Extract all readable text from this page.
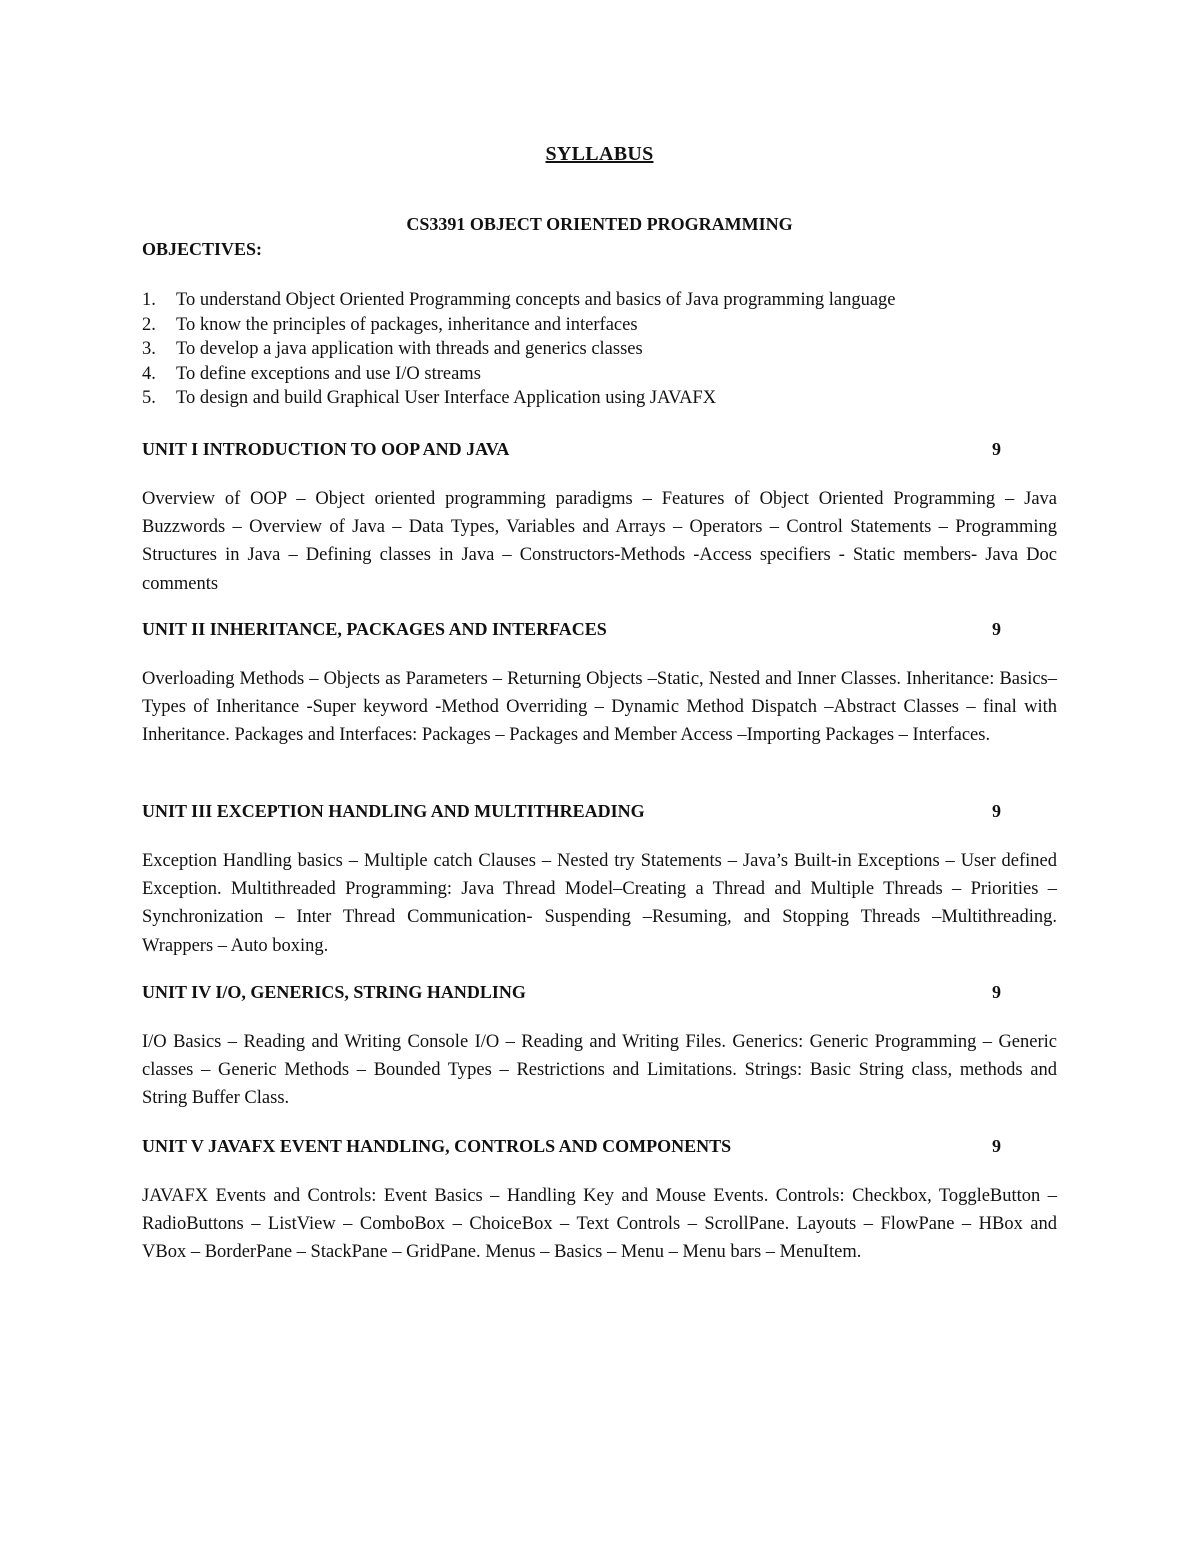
SYLLABUS
CS3391 OBJECT ORIENTED PROGRAMMING
OBJECTIVES:
1. To understand Object Oriented Programming concepts and basics of Java programming language
2. To know the principles of packages, inheritance and interfaces
3. To develop a java application with threads and generics classes
4. To define exceptions and use I/O streams
5. To design and build Graphical User Interface Application using JAVAFX
UNIT I INTRODUCTION TO OOP AND JAVA	9
Overview of OOP – Object oriented programming paradigms – Features of Object Oriented Programming – Java Buzzwords – Overview of Java – Data Types, Variables and Arrays – Operators – Control Statements – Programming Structures in Java – Defining classes in Java – Constructors-Methods -Access specifiers - Static members- Java Doc comments
UNIT II INHERITANCE, PACKAGES AND INTERFACES	9
Overloading Methods – Objects as Parameters – Returning Objects –Static, Nested and Inner Classes. Inheritance: Basics– Types of Inheritance -Super keyword -Method Overriding – Dynamic Method Dispatch –Abstract Classes – final with Inheritance. Packages and Interfaces: Packages – Packages and Member Access –Importing Packages – Interfaces.
UNIT III EXCEPTION HANDLING AND MULTITHREADING	9
Exception Handling basics – Multiple catch Clauses – Nested try Statements – Java’s Built-in Exceptions – User defined Exception. Multithreaded Programming: Java Thread Model–Creating a Thread and Multiple Threads – Priorities – Synchronization – Inter Thread Communication- Suspending –Resuming, and Stopping Threads –Multithreading. Wrappers – Auto boxing.
UNIT IV I/O, GENERICS, STRING HANDLING	9
I/O Basics – Reading and Writing Console I/O – Reading and Writing Files. Generics: Generic Programming – Generic classes – Generic Methods – Bounded Types – Restrictions and Limitations. Strings: Basic String class, methods and String Buffer Class.
UNIT V JAVAFX EVENT HANDLING, CONTROLS AND COMPONENTS	9
JAVAFX Events and Controls: Event Basics – Handling Key and Mouse Events. Controls: Checkbox, ToggleButton – RadioButtons – ListView – ComboBox – ChoiceBox – Text Controls – ScrollPane. Layouts – FlowPane – HBox and VBox – BorderPane – StackPane – GridPane. Menus – Basics – Menu – Menu bars – MenuItem.
